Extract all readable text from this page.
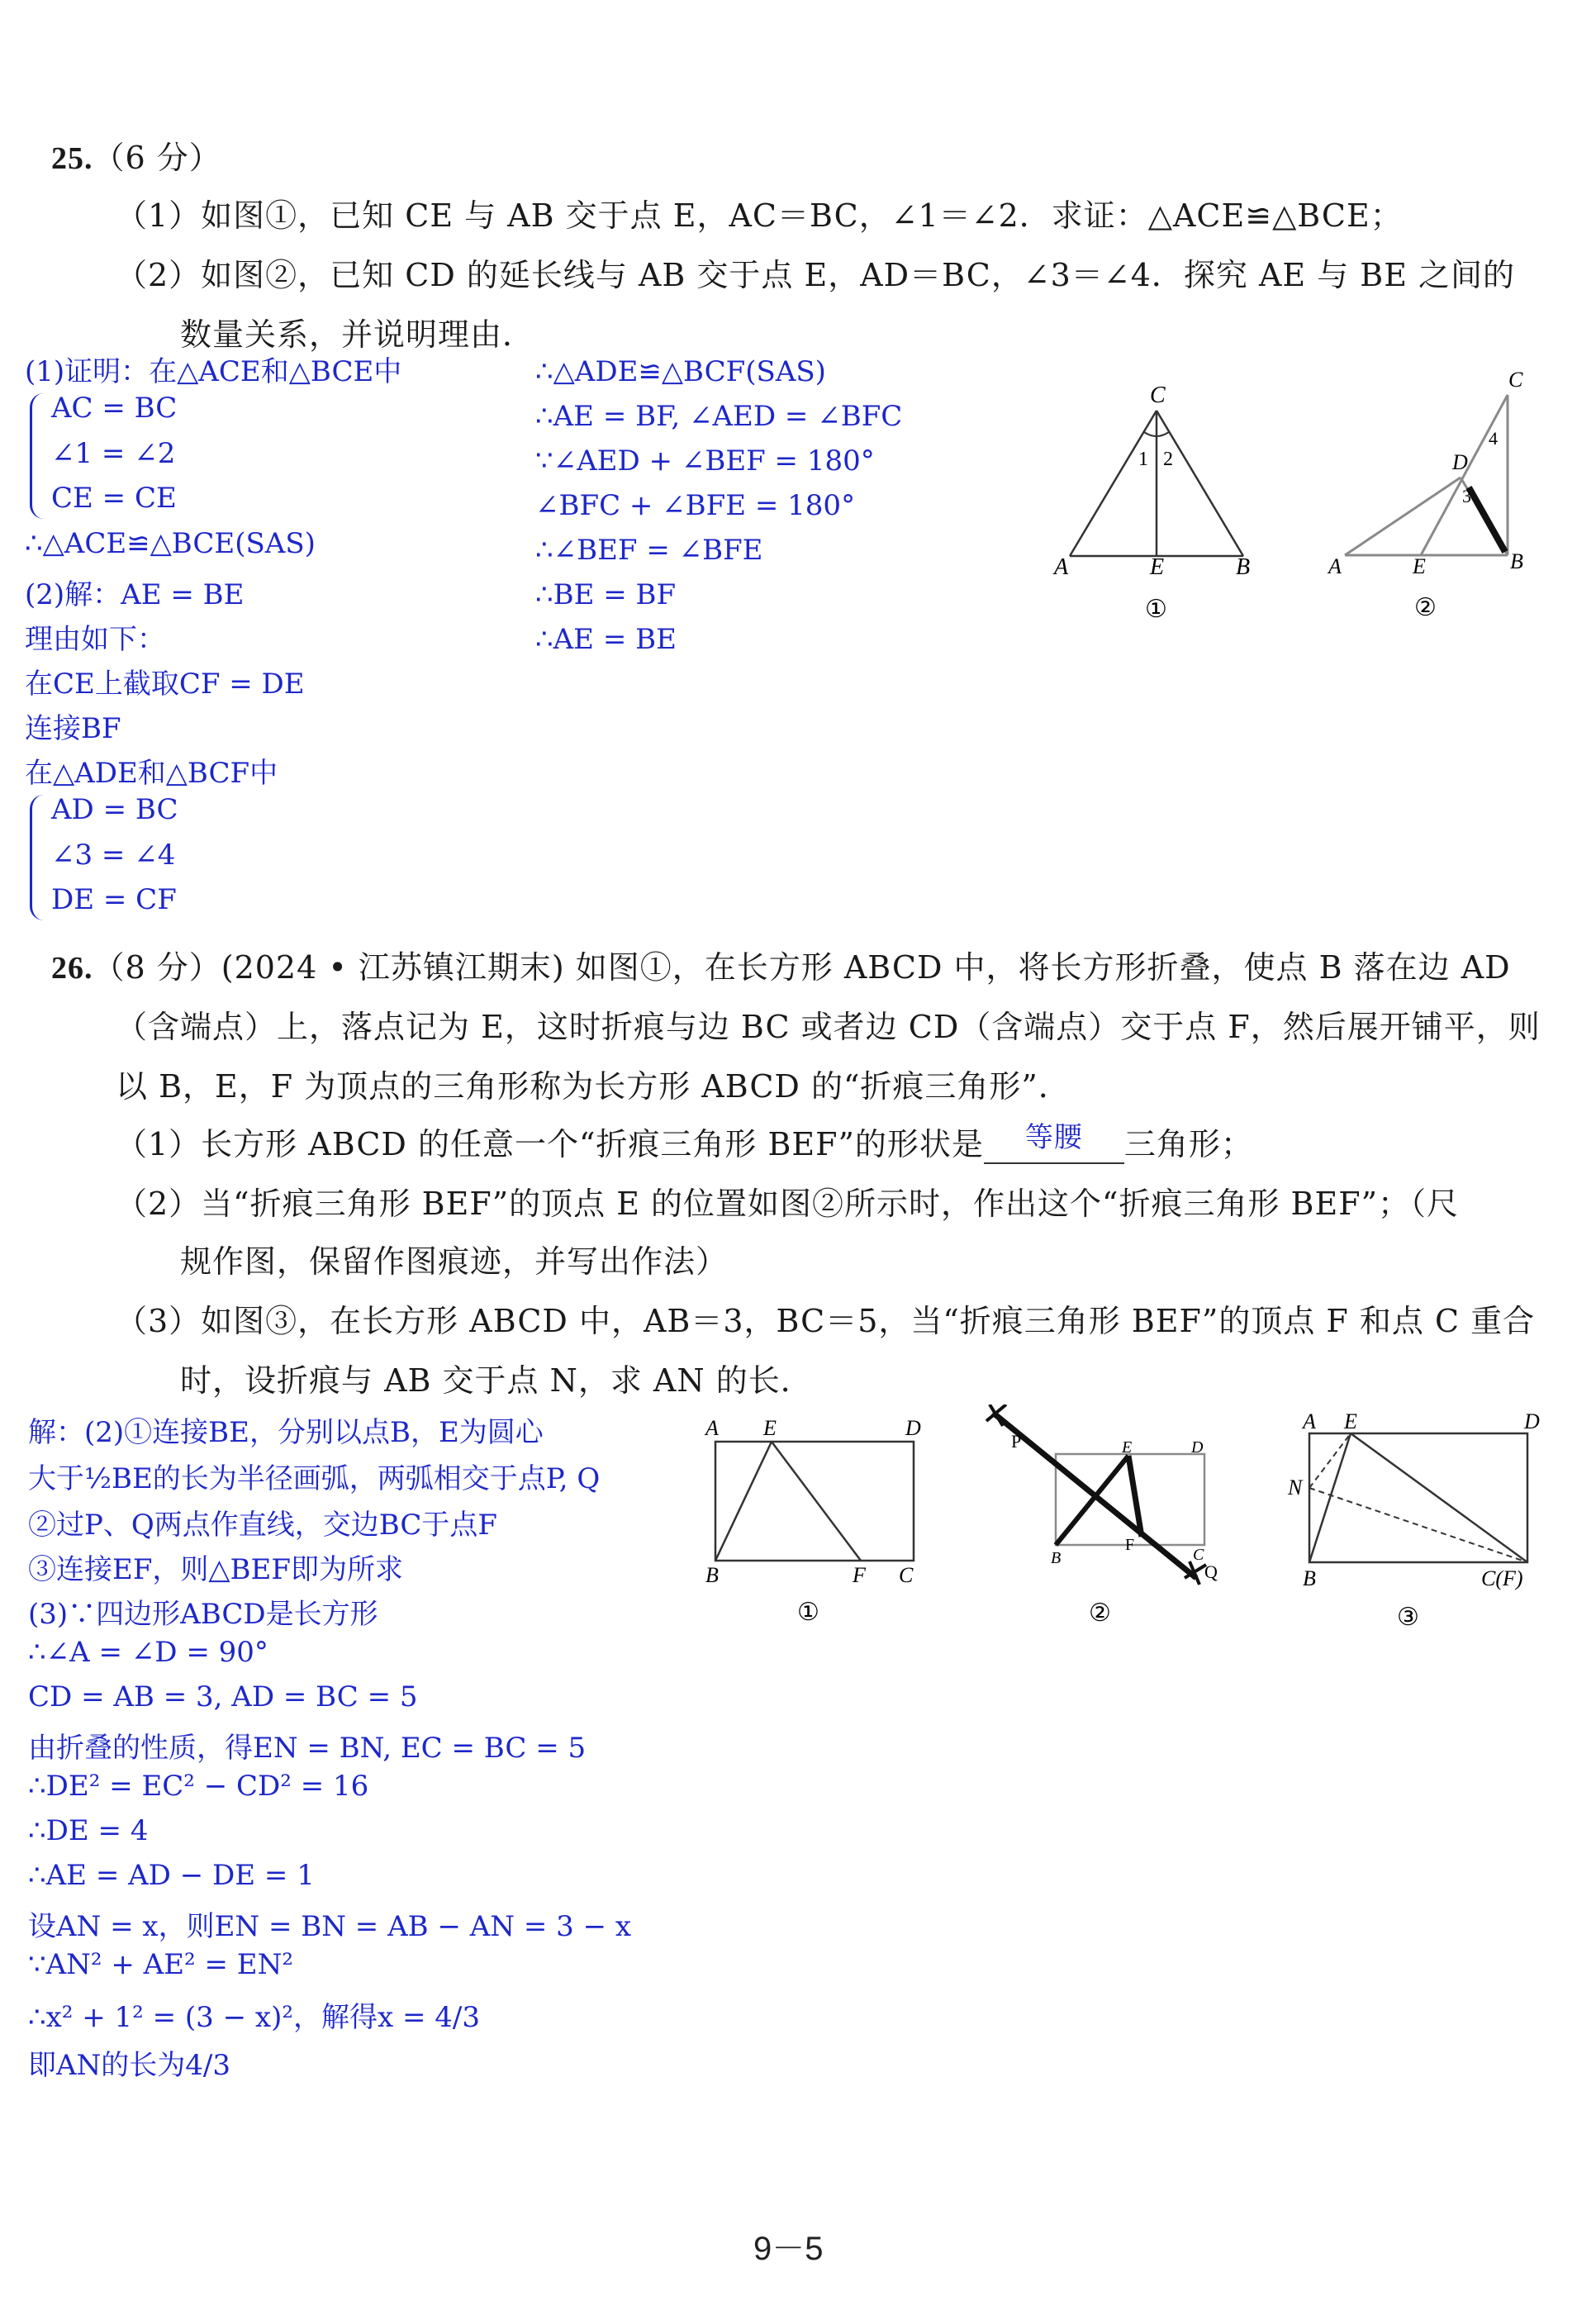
25.（6 分）
（1）如图①，已知 CE 与 AB 交于点 E，AC＝BC，∠1＝∠2．求证：△ACE≌△BCE；
（2）如图②，已知 CD 的延长线与 AB 交于点 E，AD＝BC，∠3＝∠4．探究 AE 与 BE 之间的
数量关系，并说明理由．
(1)证明：在△ACE和△BCE中
AC = BC
∠1 = ∠2
CE = CE
∴△ACE≌△BCE(SAS)
(2)解：AE = BE
理由如下：
在CE上截取CF = DE
连接BF
在△ADE和△BCF中
AD = BC
∠3 = ∠4
DE = CF
∴△ADE≌△BCF(SAS)
∴AE = BF, ∠AED = ∠BFC
∵∠AED + ∠BEF = 180°
∠BFC + ∠BFE = 180°
∴∠BEF = ∠BFE
∴BE = BF
∴AE = BE
C
A	E	B
1 2
①
C
D
A	E	B
3
4
②
26.（8 分）(2024 • 江苏镇江期末) 如图①，在长方形 ABCD 中，将长方形折叠，使点 B 落在边 AD
（含端点）上，落点记为 E，这时折痕与边 BC 或者边 CD（含端点）交于点 F，然后展开铺平，则
以 B，E，F 为顶点的三角形称为长方形 ABCD 的“折痕三角形”．
（1）长方形 ABCD 的任意一个“折痕三角形 BEF”的形状是	等腰	三角形；
（2）当“折痕三角形 BEF”的顶点 E 的位置如图②所示时，作出这个“折痕三角形 BEF”；（尺
规作图，保留作图痕迹，并写出作法）
（3）如图③，在长方形 ABCD 中，AB＝3，BC＝5，当“折痕三角形 BEF”的顶点 F 和点 C 重合
时，设折痕与 AB 交于点 N，求 AN 的长．
解：(2)①连接BE，分别以点B，E为圆心
大于½BE的长为半径画弧，两弧相交于点P, Q
②过P、Q两点作直线，交边BC于点F
③连接EF，则△BEF即为所求
(3)∵四边形ABCD是长方形
∴∠A = ∠D = 90°
CD = AB = 3, AD = BC = 5
由折叠的性质，得EN = BN, EC = BC = 5
∴DE² = EC² − CD² = 16
∴DE = 4
∴AE = AD − DE = 1
设AN = x，则EN = BN = AB − AN = 3 − x
∵AN² + AE² = EN²
∴x² + 1² = (3 − x)²，解得x = 4/3
即AN的长为4/3
A E	D
B	F C
①
P
Q
E	D
B
F
C
②
A E	D
N
B	C(F)
③
9－5
